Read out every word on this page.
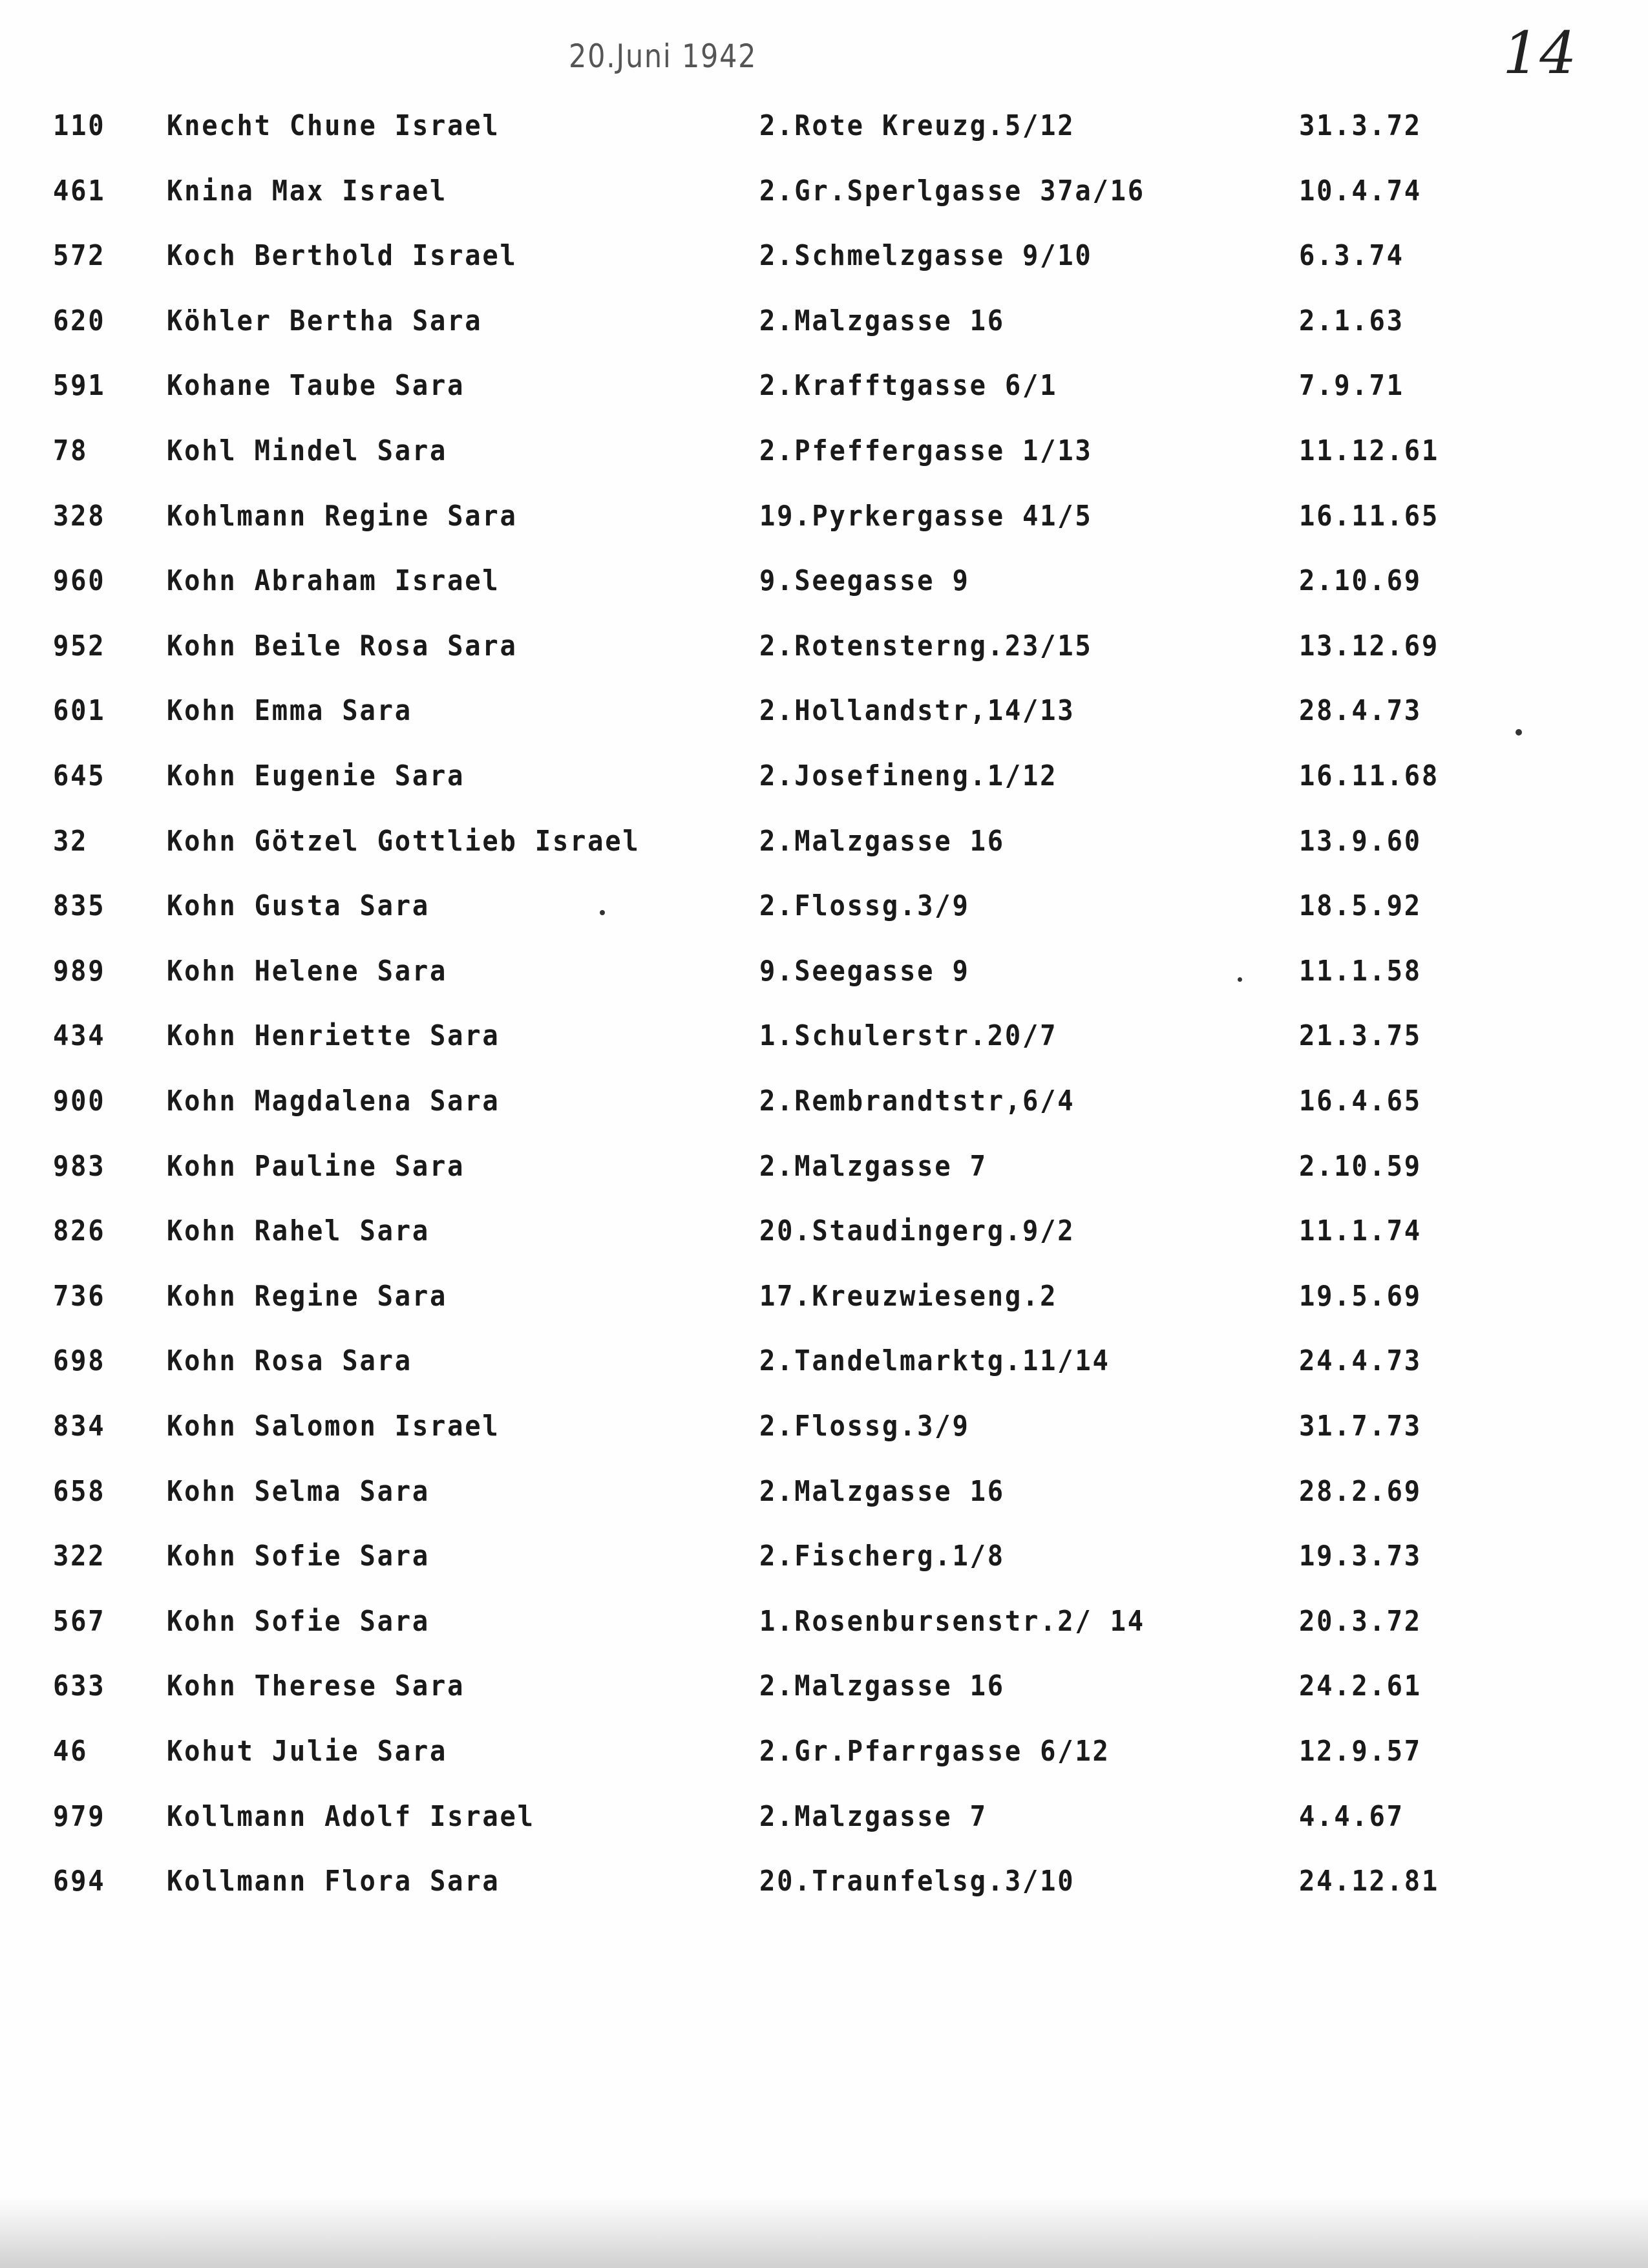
20.Juni 1942	14
110 Knecht Chune Israel	2.Rote Kreuzg.5/12	31.3.72
461 Knina Max Israel	2.Gr.Sperlgasse 37a/16	10.4.74
572 Koch Berthold Israel	2.Schmelzgasse 9/10	6.3.74
620 Köhler Bertha Sara	2.Malzgasse 16	2.1.63
591 Kohane Taube Sara	2.Krafftgasse 6/1	7.9.71
78	Kohl Mindel Sara	2.Pfeffergasse 1/13	11.12.61
328 Kohlmann Regine Sara	19.Pyrkergasse 41/5	16.11.65
960 Kohn Abraham Israel	9.Seegasse 9	2.10.69
952 Kohn Beile Rosa Sara	2.Rotensterng.23/15	13.12.69
601 Kohn Emma Sara	2.Hollandstr,14/13	28.4.73
645 Kohn Eugenie Sara	2.Josefineng.1/12	16.11.68
32	Kohn Götzel Gottlieb Israel	2.Malzgasse 16	13.9.60
835 Kohn Gusta Sara	2.Flossg.3/9	18.5.92
989 Kohn Helene Sara	9.Seegasse 9	11.1.58
434 Kohn Henriette Sara	1.Schulerstr.20/7	21.3.75
900 Kohn Magdalena Sara	2.Rembrandtstr,6/4	16.4.65
983 Kohn Pauline Sara	2.Malzgasse 7	2.10.59
826 Kohn Rahel Sara	20.Staudingerg.9/2	11.1.74
736 Kohn Regine Sara	17.Kreuzwieseng.2	19.5.69
698 Kohn Rosa Sara	2.Tandelmarktg.11/14	24.4.73
834 Kohn Salomon Israel	2.Flossg.3/9	31.7.73
658 Kohn Selma Sara	2.Malzgasse 16	28.2.69
322 Kohn Sofie Sara	2.Fischerg.1/8	19.3.73
567 Kohn Sofie Sara	1.Rosenbursenstr.2/ 14	20.3.72
633 Kohn Therese Sara	2.Malzgasse 16	24.2.61
46	Kohut Julie Sara	2.Gr.Pfarrgasse 6/12	12.9.57
979 Kollmann Adolf Israel	2.Malzgasse 7	4.4.67
694 Kollmann Flora Sara	20.Traunfelsg.3/10	24.12.81
